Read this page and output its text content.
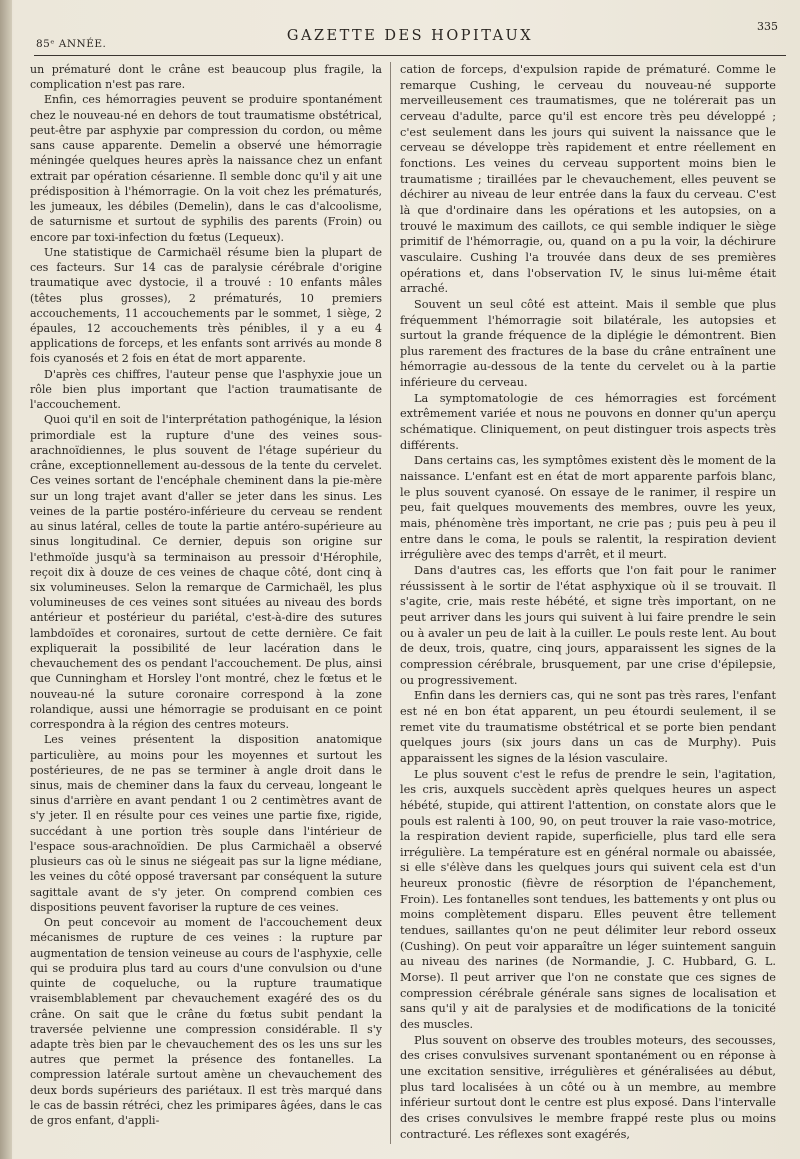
85ᵉ ANNÉE.	GAZETTE DES HOPITAUX
335

un prématuré dont le crâne est beaucoup plus fragile, la complication n'est pas rare.

Enfin, ces hémorragies peuvent se produire spontanément chez le nouveau-né en dehors de tout traumatisme obstétrical, peut-être par asphyxie par compression du cordon, ou même sans cause apparente. Demelin a observé une hémorragie méningée quelques heures après la naissance chez un enfant extrait par opération césarienne. Il semble donc qu'il y ait une prédisposition à l'hémorragie. On la voit chez les prématurés, les jumeaux, les débiles (Demelin), dans le cas d'alcoolisme, de saturnisme et surtout de syphilis des parents (Froin) ou encore par toxi-infection du fœtus (Lequeux).

Une statistique de Carmichaël résume bien la plupart de ces facteurs. Sur 14 cas de paralysie cérébrale d'origine traumatique avec dystocie, il a trouvé : 10 enfants mâles (têtes plus grosses), 2 prématurés, 10 premiers accouchements, 11 accouchements par le sommet, 1 siège, 2 épaules, 12 accouchements très pénibles, il y a eu 4 applications de forceps, et les enfants sont arrivés au monde 8 fois cyanosés et 2 fois en état de mort apparente.

D'après ces chiffres, l'auteur pense que l'asphyxie joue un rôle bien plus important que l'action traumatisante de l'accouchement.

Quoi qu'il en soit de l'interprétation pathogénique, la lésion primordiale est la rupture d'une des veines sous-arachnoïdiennes, le plus souvent de l'étage supérieur du crâne, exceptionnellement au-dessous de la tente du cervelet. Ces veines sortant de l'encéphale cheminent dans la pie-mère sur un long trajet avant d'aller se jeter dans les sinus. Les veines de la partie postéro-inférieure du cerveau se rendent au sinus latéral, celles de toute la partie antéro-supérieure au sinus longitudinal. Ce dernier, depuis son origine sur l'ethmoïde jusqu'à sa terminaison au pressoir d'Hérophile, reçoit dix à douze de ces veines de chaque côté, dont cinq à six volumineuses. Selon la remarque de Carmichaël, les plus volumineuses de ces veines sont situées au niveau des bords antérieur et postérieur du pariétal, c'est-à-dire des sutures lambdoïdes et coronaires, surtout de cette dernière. Ce fait expliquerait la possibilité de leur lacération dans le chevauchement des os pendant l'accouchement. De plus, ainsi que Cunningham et Horsley l'ont montré, chez le fœtus et le nouveau-né la suture coronaire correspond à la zone rolandique, aussi une hémorragie se produisant en ce point correspondra à la région des centres moteurs.

Les veines présentent la disposition anatomique particulière, au moins pour les moyennes et surtout les postérieures, de ne pas se terminer à angle droit dans le sinus, mais de cheminer dans la faux du cerveau, longeant le sinus d'arrière en avant pendant 1 ou 2 centimètres avant de s'y jeter. Il en résulte pour ces veines une partie fixe, rigide, succédant à une portion très souple dans l'intérieur de l'espace sous-arachnoïdien. De plus Carmichaël a observé plusieurs cas où le sinus ne siégeait pas sur la ligne médiane, les veines du côté opposé traversant par conséquent la suture sagittale avant de s'y jeter. On comprend combien ces dispositions peuvent favoriser la rupture de ces veines.

On peut concevoir au moment de l'accouchement deux mécanismes de rupture de ces veines : la rupture par augmentation de tension veineuse au cours de l'asphyxie, celle qui se produira plus tard au cours d'une convulsion ou d'une quinte de coqueluche, ou la rupture traumatique vraisemblablement par chevauchement exagéré des os du crâne. On sait que le crâne du fœtus subit pendant la traversée pelvienne une compression considérable. Il s'y adapte très bien par le chevauchement des os les uns sur les autres que permet la présence des fontanelles. La compression latérale surtout amène un chevauchement des deux bords supérieurs des pariétaux. Il est très marqué dans le cas de bassin rétréci, chez les primipares âgées, dans le cas de gros enfant, d'appli-

cation de forceps, d'expulsion rapide de prématuré. Comme le remarque Cushing, le cerveau du nouveau-né supporte merveilleusement ces traumatismes, que ne tolérerait pas un cerveau d'adulte, parce qu'il est encore très peu développé ; c'est seulement dans les jours qui suivent la naissance que le cerveau se développe très rapidement et entre réellement en fonctions. Les veines du cerveau supportent moins bien le traumatisme ; tiraillées par le chevauchement, elles peuvent se déchirer au niveau de leur entrée dans la faux du cerveau. C'est là que d'ordinaire dans les opérations et les autopsies, on a trouvé le maximum des caillots, ce qui semble indiquer le siège primitif de l'hémorragie, ou, quand on a pu la voir, la déchirure vasculaire. Cushing l'a trouvée dans deux de ses premières opérations et, dans l'observation IV, le sinus lui-même était arraché.

Souvent un seul côté est atteint. Mais il semble que plus fréquemment l'hémorragie soit bilatérale, les autopsies et surtout la grande fréquence de la diplégie le démontrent. Bien plus rarement des fractures de la base du crâne entraînent une hémorragie au-dessous de la tente du cervelet ou à la partie inférieure du cerveau.

La symptomatologie de ces hémorragies est forcément extrêmement variée et nous ne pouvons en donner qu'un aperçu schématique. Cliniquement, on peut distinguer trois aspects très différents.

Dans certains cas, les symptômes existent dès le moment de la naissance. L'enfant est en état de mort apparente parfois blanc, le plus souvent cyanosé. On essaye de le ranimer, il respire un peu, fait quelques mouvements des membres, ouvre les yeux, mais, phénomène très important, ne crie pas ; puis peu à peu il entre dans le coma, le pouls se ralentit, la respiration devient irrégulière avec des temps d'arrêt, et il meurt.

Dans d'autres cas, les efforts que l'on fait pour le ranimer réussissent à le sortir de l'état asphyxique où il se trouvait. Il s'agite, crie, mais reste hébété, et signe très important, on ne peut arriver dans les jours qui suivent à lui faire prendre le sein ou à avaler un peu de lait à la cuiller. Le pouls reste lent. Au bout de deux, trois, quatre, cinq jours, apparaissent les signes de la compression cérébrale, brusquement, par une crise d'épilepsie, ou progressivement.

Enfin dans les derniers cas, qui ne sont pas très rares, l'enfant est né en bon état apparent, un peu étourdi seulement, il se remet vite du traumatisme obstétrical et se porte bien pendant quelques jours (six jours dans un cas de Murphy). Puis apparaissent les signes de la lésion vasculaire.

Le plus souvent c'est le refus de prendre le sein, l'agitation, les cris, auxquels succèdent après quelques heures un aspect hébété, stupide, qui attirent l'attention, on constate alors que le pouls est ralenti à 100, 90, on peut trouver la raie vaso-motrice, la respiration devient rapide, superficielle, plus tard elle sera irrégulière. La température est en général normale ou abaissée, si elle s'élève dans les quelques jours qui suivent cela est d'un heureux pronostic (fièvre de résorption de l'épanchement, Froin). Les fontanelles sont tendues, les battements y ont plus ou moins complètement disparu. Elles peuvent être tellement tendues, saillantes qu'on ne peut délimiter leur rebord osseux (Cushing). On peut voir apparaître un léger suintement sanguin au niveau des narines (de Normandie, J. C. Hubbard, G. L. Morse). Il peut arriver que l'on ne constate que ces signes de compression cérébrale générale sans signes de localisation et sans qu'il y ait de paralysies et de modifications de la tonicité des muscles.

Plus souvent on observe des troubles moteurs, des secousses, des crises convulsives survenant spontanément ou en réponse à une excitation sensitive, irrégulières et généralisées au début, plus tard localisées à un côté ou à un membre, au membre inférieur surtout dont le centre est plus exposé. Dans l'intervalle des crises convulsives le membre frappé reste plus ou moins contracturé. Les réflexes sont exagérés,
